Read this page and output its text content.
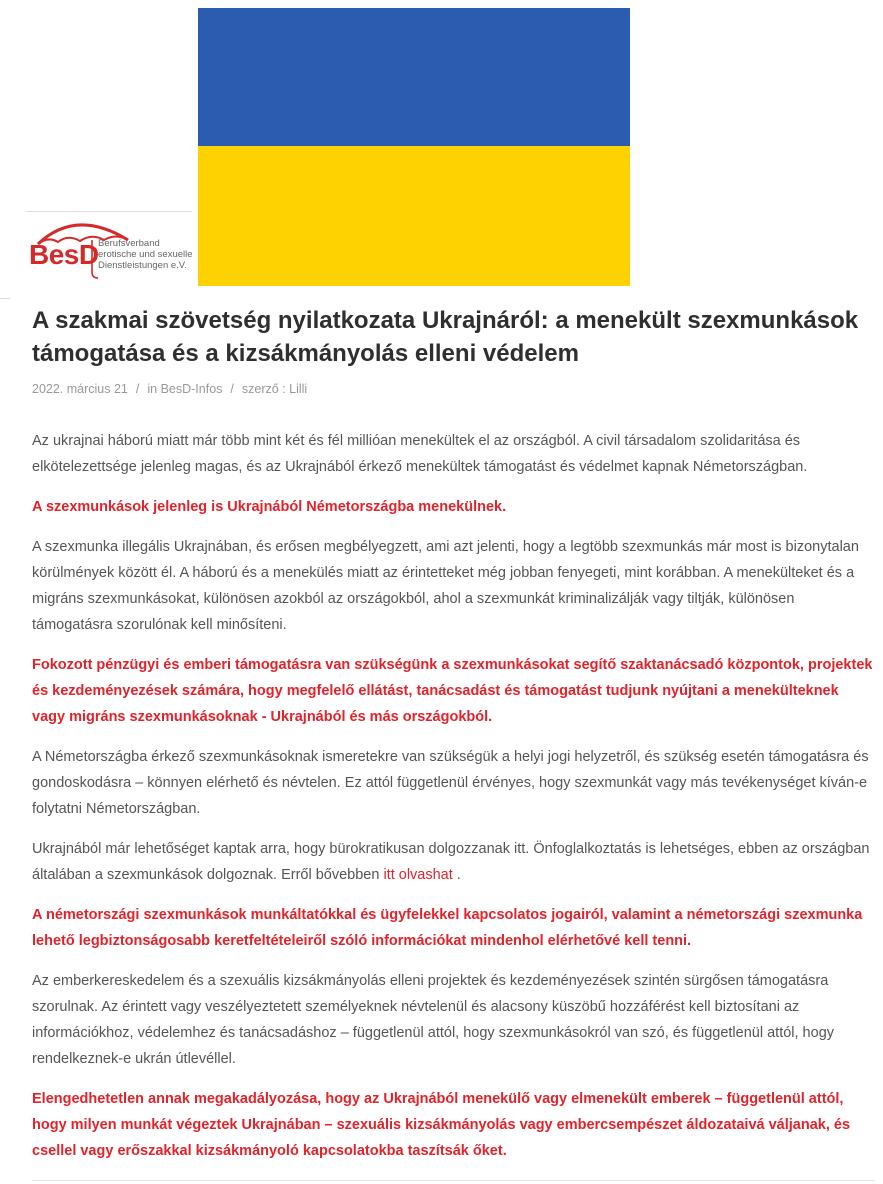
BesD Berufsverband
erotische und sexuelle
Dienstleistungen e.V.
A szakmai szövetség nyilatkozata Ukrajnáról: a menekült szexmunkások támogatása és a kizsákmányolás elleni védelem
2022. március 21 / in BesD-Infos / szerző : Lilli

Az ukrajnai háború miatt már több mint két és fél millióan menekültek el az országból. A civil társadalom szolidaritása és elkötelezettsége jelenleg magas, és az Ukrajnából érkező menekültek támogatást és védelmet kapnak Németországban.

A szexmunkások jelenleg is Ukrajnából Németországba menekülnek.

A szexmunka illegális Ukrajnában, és erősen megbélyegzett, ami azt jelenti, hogy a legtöbb szexmunkás már most is bizonytalan körülmények között él. A háború és a menekülés miatt az érintetteket még jobban fenyegeti, mint korábban. A menekülteket és a migráns szexmunkásokat, különösen azokból az országokból, ahol a szexmunkát kriminalizálják vagy tiltják, különösen támogatásra szorulónak kell minősíteni.

Fokozott pénzügyi és emberi támogatásra van szükségünk a szexmunkásokat segítő szaktanácsadó központok, projektek és kezdeményezések számára, hogy megfelelő ellátást, tanácsadást és támogatást tudjunk nyújtani a menekülteknek vagy migráns szexmunkásoknak - Ukrajnából és más országokból.

A Németországba érkező szexmunkásoknak ismeretekre van szükségük a helyi jogi helyzetről, és szükség esetén támogatásra és gondoskodásra – könnyen elérhető és névtelen. Ez attól függetlenül érvényes, hogy szexmunkát vagy más tevékenységet kíván-e folytatni Németországban.

Ukrajnából már lehetőséget kaptak arra, hogy bürokratikusan dolgozzanak itt. Önfoglalkoztatás is lehetséges, ebben az országban általában a szexmunkások dolgoznak. Erről bővebben itt olvashat .

A németországi szexmunkások munkáltatókkal és ügyfelekkel kapcsolatos jogairól, valamint a németországi szexmunka lehető legbiztonságosabb keretfeltételeiről szóló információkat mindenhol elérhetővé kell tenni.

Az emberkereskedelem és a szexuális kizsákmányolás elleni projektek és kezdeményezések szintén sürgősen támogatásra szorulnak. Az érintett vagy veszélyeztetett személyeknek névtelenül és alacsony küszöbű hozzáférést kell biztosítani az információkhoz, védelemhez és tanácsadáshoz – függetlenül attól, hogy szexmunkásokról van szó, és függetlenül attól, hogy rendelkeznek-e ukrán útlevéllel.

Elengedhetetlen annak megakadályozása, hogy az Ukrajnából menekülő vagy elmenekült emberek – függetlenül attól, hogy milyen munkát végeztek Ukrajnában – szexuális kizsákmányolás vagy embercsempészet áldozataivá váljanak, és csellel vagy erőszakkal kizsákmányoló kapcsolatokba taszítsák őket.
